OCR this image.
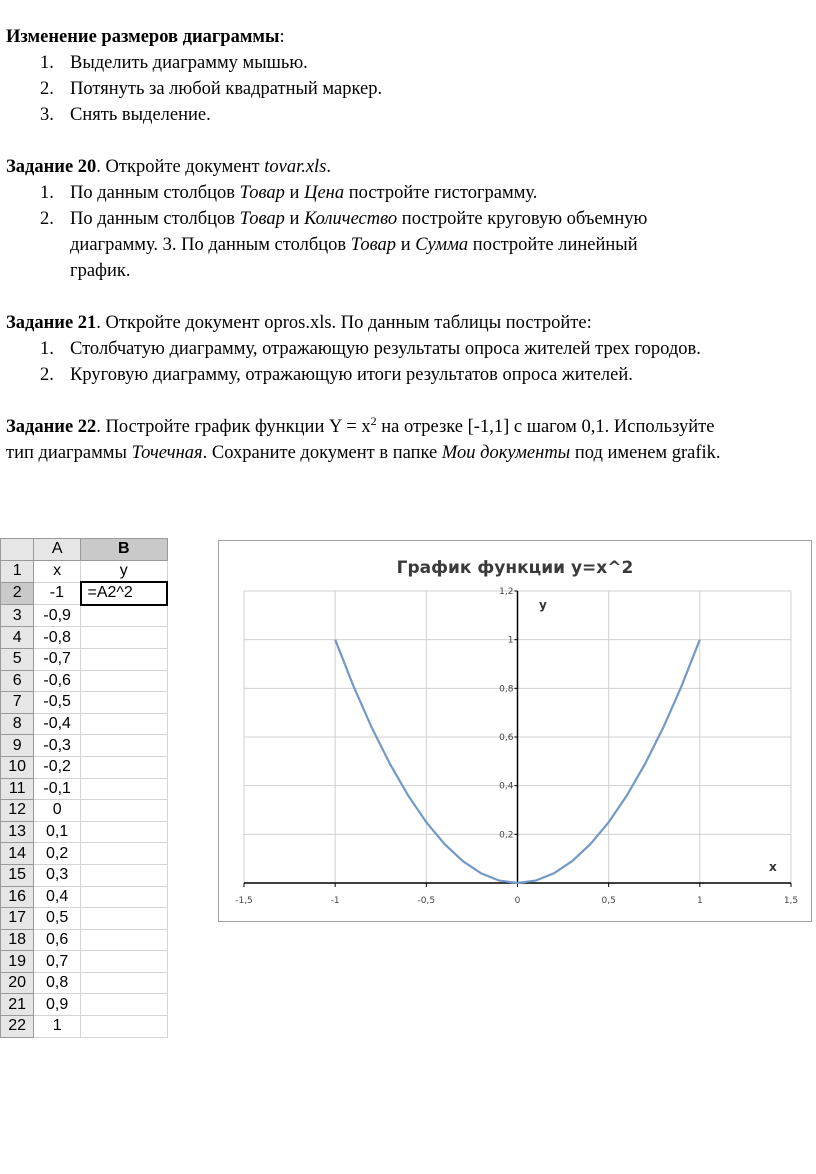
Изменение размеров диаграммы:
1. Выделить диаграмму мышью.
2. Потянуть за любой квадратный маркер.
3. Снять выделение.
Задание 20. Откройте документ tovar.xls.
1. По данным столбцов Товар и Цена постройте гистограмму.
2. По данным столбцов Товар и Количество постройте круговую объемную
диаграмму. 3. По данным столбцов Товар и Сумма постройте линейный
график.
Задание 21. Откройте документ opros.xls. По данным таблицы постройте:
1. Столбчатую диаграмму, отражающую результаты опроса жителей трех городов.
2. Круговую диаграмму, отражающую итоги результатов опроса жителей.
Задание 22. Постройте график функции $Y = x^2$ на отрезке [-1,1] с шагом 0,1. Используйте
тип диаграммы Точечная. Сохраните документ в папке Мои документы под именем grafik.
	A	B
1	x	y
2	-1	=A2^2
3	-0,9	
4	-0,8	
5	-0,7	
6	-0,6	
7	-0,5	
8	-0,4	
9	-0,3	
10	-0,2	
11	-0,1	
12	0	
13	0,1	
14	0,2	
15	0,3	
16	0,4	
17	0,5	
18	0,6	
19	0,7	
20	0,8	
21	0,9	
22	1	
График функции y=x^2
-1,5	-1	-0,5	0	0,5	1	1,5
0,2
0,4
0,6
0,8
1
1,2
y
x
